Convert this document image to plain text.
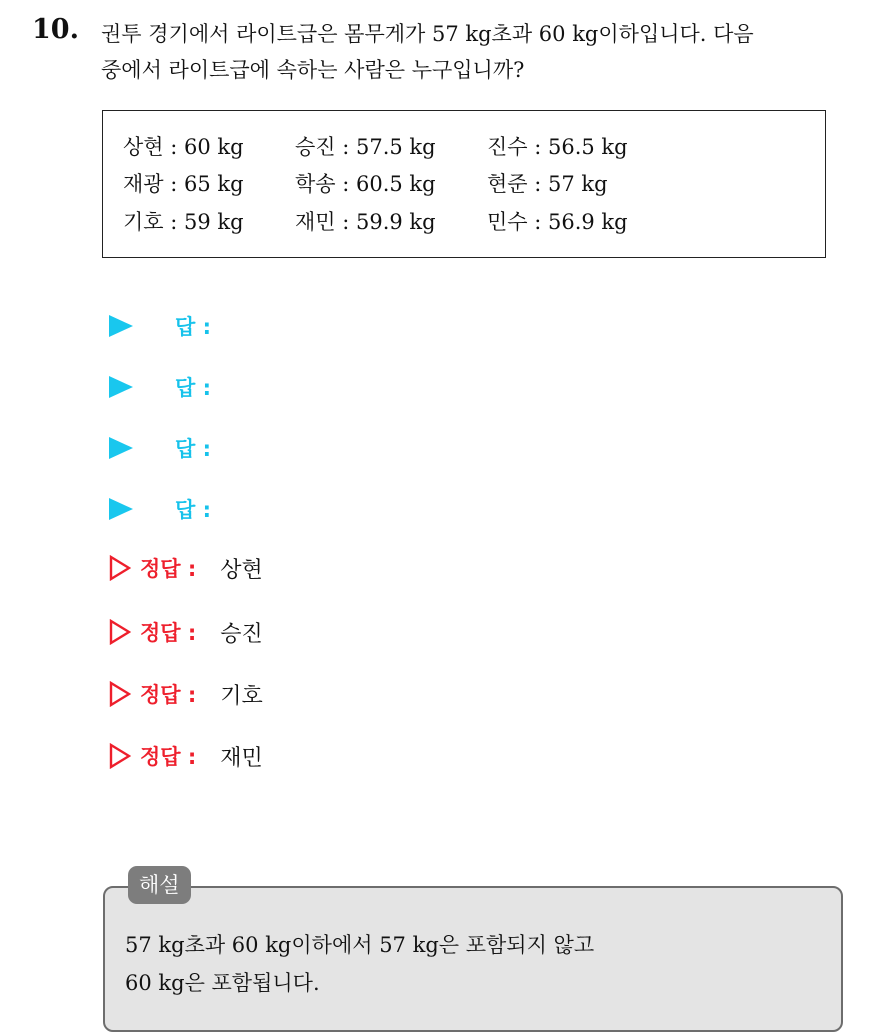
10. 권투 경기에서 라이트급은 몸무게가 57 kg초과 60 kg이하입니다. 다음
중에서 라이트급에 속하는 사람은 누구입니까?
상현 : 60 kg 승진 : 57.5 kg 진수 : 56.5 kg
재광 : 65 kg 학송 : 60.5 kg 현준 : 57 kg
기호 : 59 kg 재민 : 59.9 kg 민수 : 56.9 kg
답 :
답 :
답 :
답 :
정답 : 상현
정답 : 승진
정답 : 기호
정답 : 재민
해설
57 kg초과 60 kg이하에서 57 kg은 포함되지 않고
60 kg은 포함됩니다.
